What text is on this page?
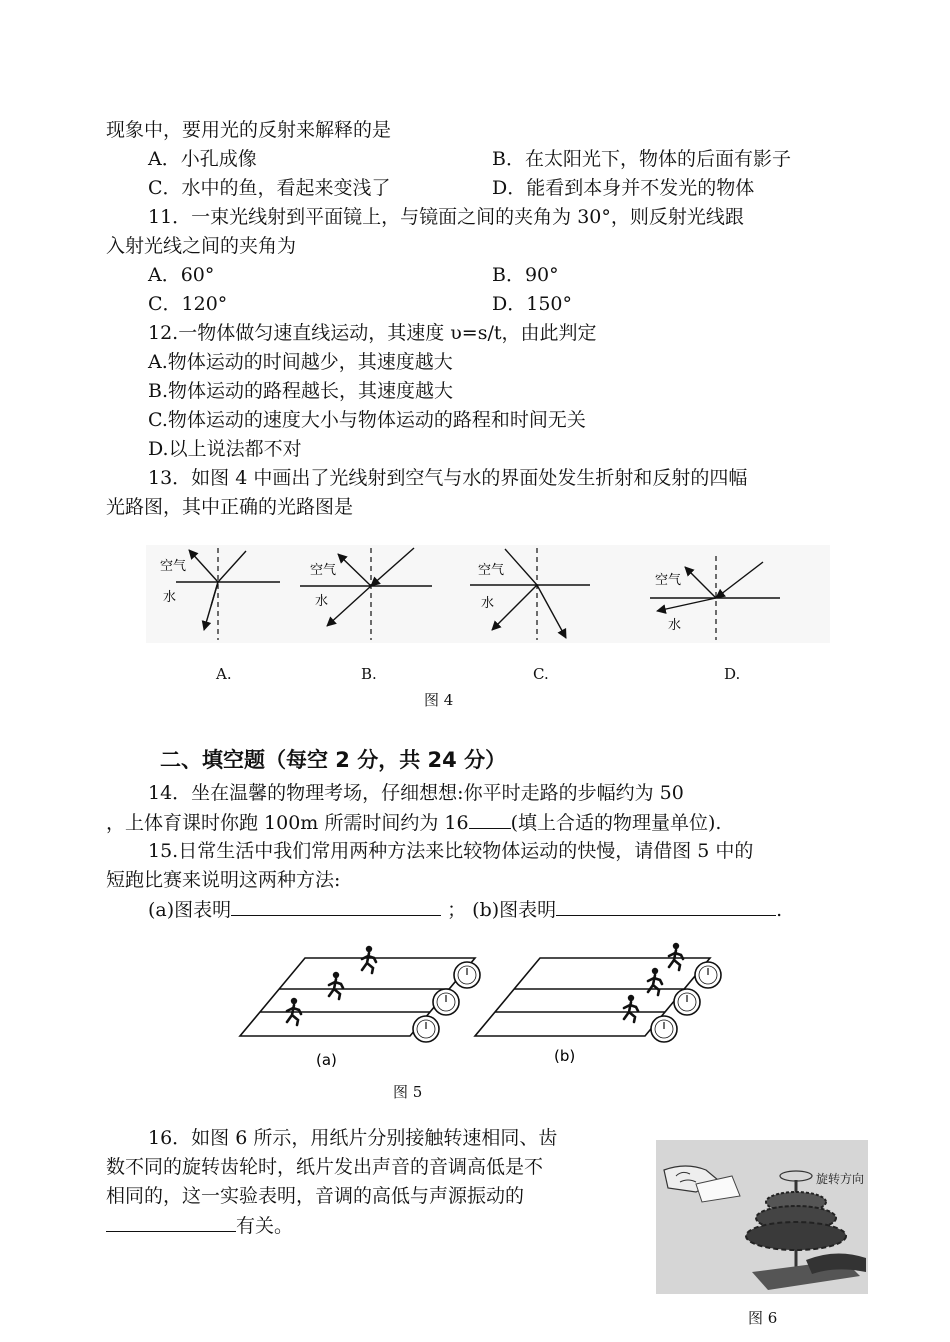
现象中，要用光的反射来解释的是
A．小孔成像	B．在太阳光下，物体的后面有影子
C．水中的鱼，看起来变浅了	D．能看到本身并不发光的物体
11．一束光线射到平面镜上，与镜面之间的夹角为 30°，则反射光线跟
入射光线之间的夹角为
A．60°	B．90°
C．120°	D．150°
12.一物体做匀速直线运动，其速度 υ=s/t，由此判定
A.物体运动的时间越少，其速度越大
B.物体运动的路程越长，其速度越大
C.物体运动的速度大小与物体运动的路程和时间无关
D.以上说法都不对
13．如图 4 中画出了光线射到空气与水的界面处发生折射和反射的四幅
光路图，其中正确的光路图是
空气
水
空气
水
空气
水
空气
水
A.	B.	C.	D.
图 4
二、填空题（每空 2 分，共 24 分）
14．坐在温馨的物理考场，仔细想想:你平时走路的步幅约为 50
，上体育课时你跑 100m 所需时间约为 16 (填上合适的物理量单位).
15.日常生活中我们常用两种方法来比较物体运动的快慢，请借图 5 中的
短跑比赛来说明这两种方法:
(a)图表明	； (b)图表明	.
(a)	(b)
图 5
16．如图 6 所示，用纸片分别接触转速相同、齿
数不同的旋转齿轮时，纸片发出声音的音调高低是不
相同的，这一实验表明，音调的高低与声源振动的
有关。
旋转方向
图 6
